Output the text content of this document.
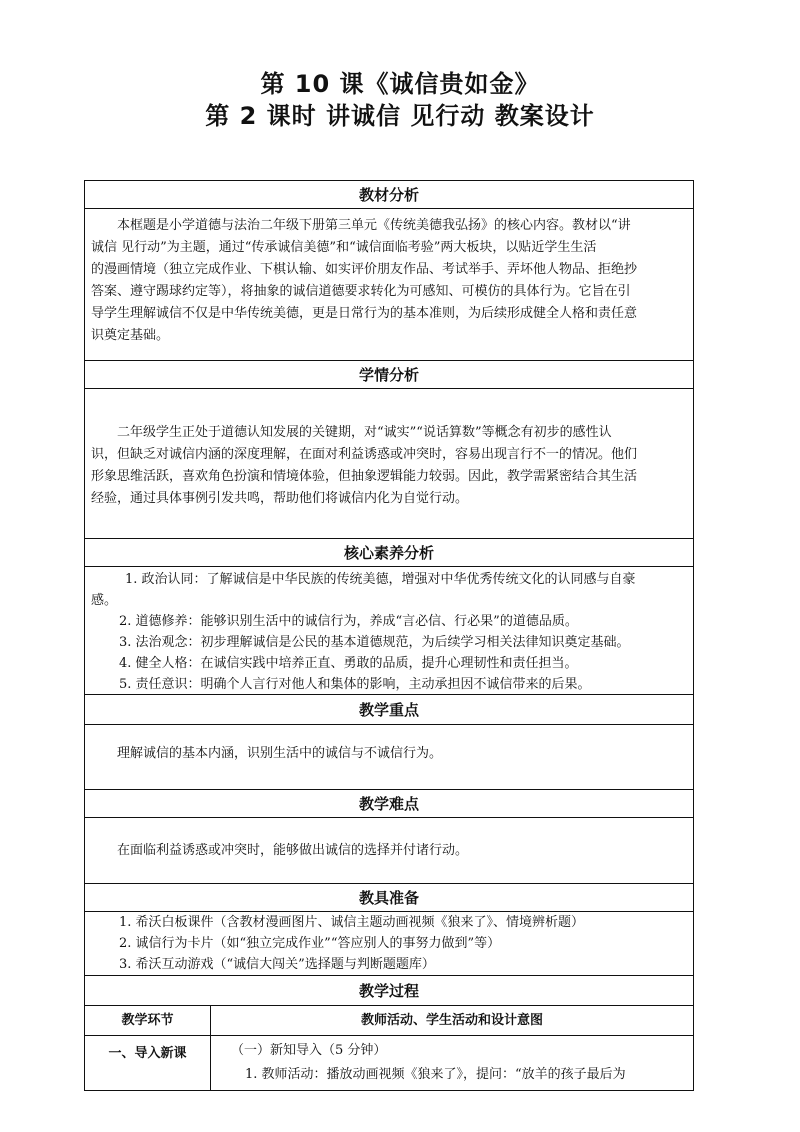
第 10 课《诚信贵如金》
第 2 课时 讲诚信 见行动 教案设计
教材分析
本框题是小学道德与法治二年级下册第三单元《传统美德我弘扬》的核心内容。教材以“讲
诚信 见行动”为主题，通过“传承诚信美德”和“诚信面临考验”两大板块，以贴近学生生活
的漫画情境（独立完成作业、下棋认输、如实评价朋友作品、考试举手、弄坏他人物品、拒绝抄
答案、遵守踢球约定等），将抽象的诚信道德要求转化为可感知、可模仿的具体行为。它旨在引
导学生理解诚信不仅是中华传统美德，更是日常行为的基本准则，为后续形成健全人格和责任意
识奠定基础。
学情分析
二年级学生正处于道德认知发展的关键期，对“诚实”“说话算数”等概念有初步的感性认
识，但缺乏对诚信内涵的深度理解，在面对利益诱惑或冲突时，容易出现言行不一的情况。他们
形象思维活跃，喜欢角色扮演和情境体验，但抽象逻辑能力较弱。因此，教学需紧密结合其生活
经验，通过具体事例引发共鸣，帮助他们将诚信内化为自觉行动。
核心素养分析
1. 政治认同：了解诚信是中华民族的传统美德，增强对中华优秀传统文化的认同感与自豪
感。
2. 道德修养：能够识别生活中的诚信行为，养成“言必信、行必果”的道德品质。
3. 法治观念：初步理解诚信是公民的基本道德规范，为后续学习相关法律知识奠定基础。
4. 健全人格：在诚信实践中培养正直、勇敢的品质，提升心理韧性和责任担当。
5. 责任意识：明确个人言行对他人和集体的影响，主动承担因不诚信带来的后果。
教学重点
理解诚信的基本内涵，识别生活中的诚信与不诚信行为。
教学难点
在面临利益诱惑或冲突时，能够做出诚信的选择并付诸行动。
教具准备
1. 希沃白板课件（含教材漫画图片、诚信主题动画视频《狼来了》、情境辨析题）
2. 诚信行为卡片（如“独立完成作业”“答应别人的事努力做到”等）
3. 希沃互动游戏（“诚信大闯关”选择题与判断题题库）
教学过程
教学环节	教师活动、学生活动和设计意图
一、导入新课	（一）新知导入（5 分钟）
1. 教师活动：播放动画视频《狼来了》，提问：“放羊的孩子最后为
